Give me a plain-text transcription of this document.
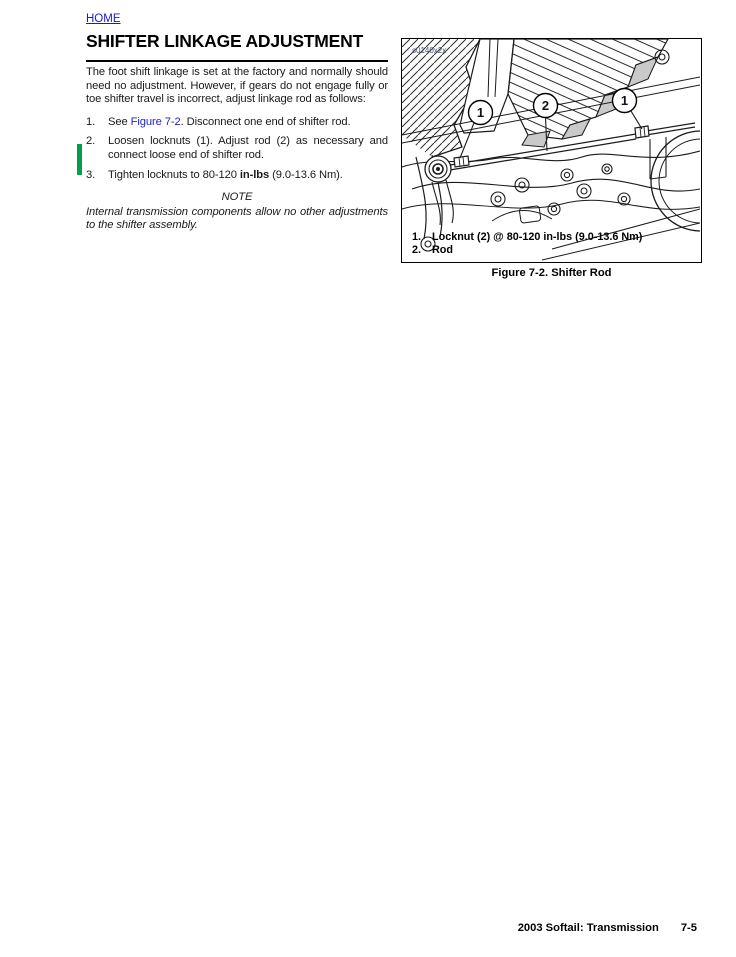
HOME
SHIFTER LINKAGE ADJUSTMENT

The foot shift linkage is set at the factory and normally should need no adjustment. However, if gears do not engage fully or toe shifter travel is incorrect, adjust linkage rod as follows:

1.	See Figure 7-2. Disconnect one end of shifter rod.
2.	Loosen locknuts (1). Adjust rod (2) as necessary and connect loose end of shifter rod.
3.	Tighten locknuts to 80-120 in-lbs (9.0-13.6 Nm).
NOTE

Internal transmission components allow no other adjustments to the shifter assembly.

1	2	1
s0140x2x
1.	Locknut (2) @ 80-120 in-lbs (9.0-13.6 Nm)
2.	Rod
Figure 7-2. Shifter Rod
2003 Softail: Transmission 7-5
